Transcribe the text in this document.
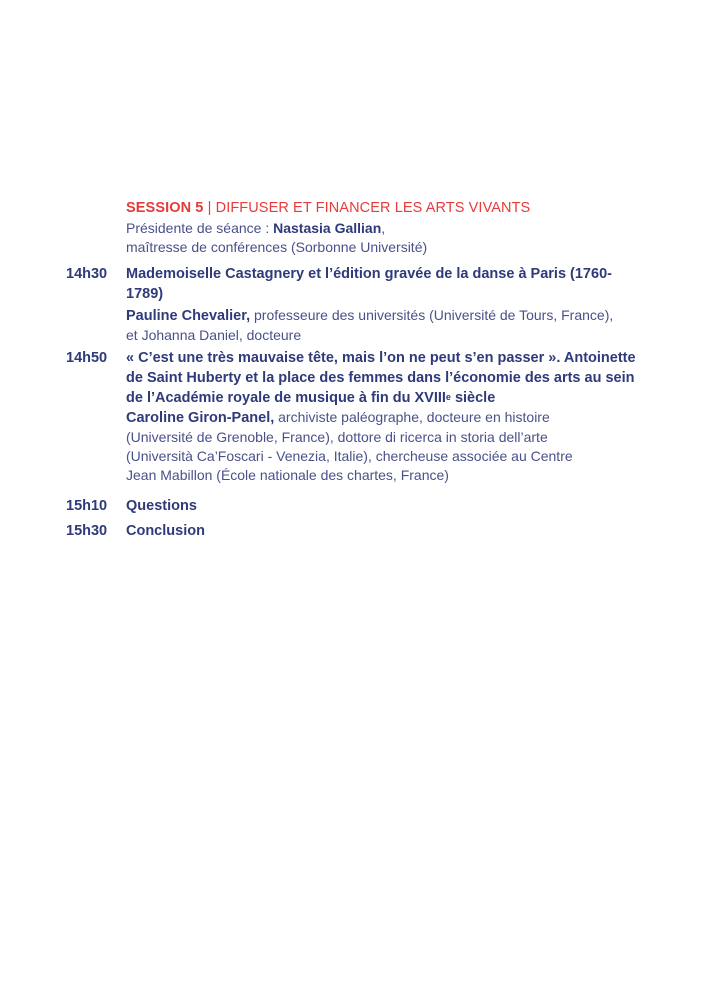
SESSION 5 | DIFFUSER ET FINANCER LES ARTS VIVANTS
Présidente de séance : Nastasia Gallian,
maîtresse de conférences (Sorbonne Université)
14h30 Mademoiselle Castagnery et l’édition gravée de la danse à Paris (1760-
1789)
Pauline Chevalier, professeure des universités (Université de Tours, France),
et Johanna Daniel, docteure
14h50 « C’est une très mauvaise tête, mais l’on ne peut s’en passer ». Antoinette
de Saint Huberty et la place des femmes dans l’économie des arts au sein
de l’Académie royale de musique à fin du XVIIIe siècle
Caroline Giron-Panel, archiviste paléographe, docteure en histoire
(Université de Grenoble, France), dottore di ricerca in storia dell’arte
(Università Ca’Foscari - Venezia, Italie), chercheuse associée au Centre
Jean Mabillon (École nationale des chartes, France)
15h10 Questions
15h30 Conclusion
